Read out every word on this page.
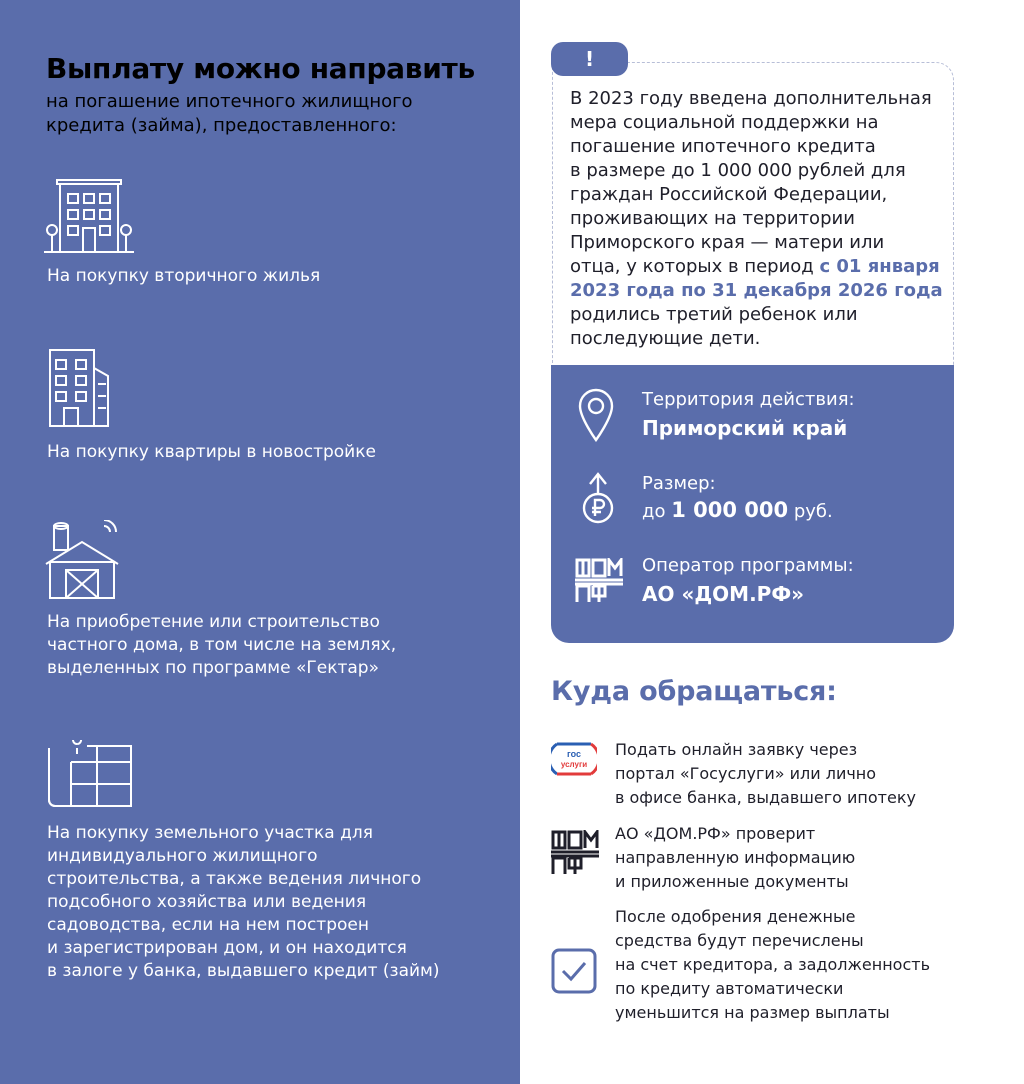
Выплату можно направить
на погашение ипотечного жилищного
кредита (займа), предоставленного:
На покупку вторичного жилья
На покупку квартиры в новостройке
На приобретение или строительство
частного дома, в том числе на землях,
выделенных по программе «Гектар»
На покупку земельного участка для
индивидуального жилищного
строительства, а также ведения личного
подсобного хозяйства или ведения
садоводства, если на нем построен
и зарегистрирован дом, и он находится
в залоге у банка, выдавшего кредит (займ)
!
В 2023 году введена дополнительная
мера социальной поддержки на
погашение ипотечного кредита
в размере до 1 000 000 рублей для
граждан Российской Федерации,
проживающих на территории
Приморского края — матери или
отца, у которых в период с 01 января
2023 года по 31 декабря 2026 года
родились третий ребенок или
последующие дети.
Территория действия:
Приморский край
Размер:
до 1 000 000 руб.
Оператор программы:
АО «ДОМ.РФ»
Куда обращаться:
гос
услуги
Подать онлайн заявку через
портал «Госуслуги» или лично
в офисе банка, выдавшего ипотеку
АО «ДОМ.РФ» проверит
направленную информацию
и приложенные документы
После одобрения денежные
средства будут перечислены
на счет кредитора, а задолженность
по кредиту автоматически
уменьшится на размер выплаты
